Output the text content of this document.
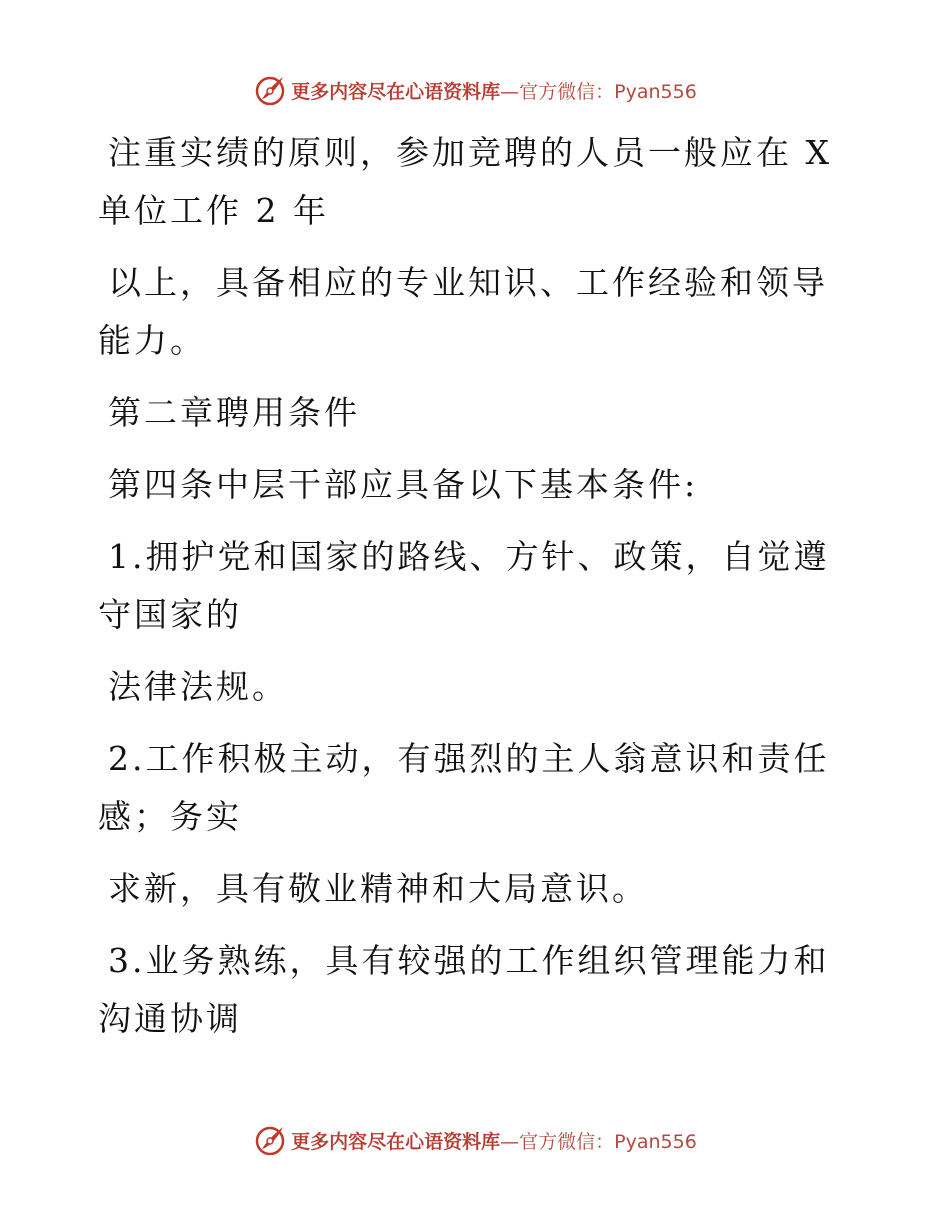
更多内容尽在心语资料库—官方微信：Pyan556

注重实绩的原则，参加竞聘的人员一般应在 X 单位工作 2 年

以上，具备相应的专业知识、工作经验和领导能力。

第二章聘用条件

第四条中层干部应具备以下基本条件:

1.拥护党和国家的路线、方针、政策，自觉遵守国家的

法律法规。

2.工作积极主动，有强烈的主人翁意识和责任感；务实

求新，具有敬业精神和大局意识。

3.业务熟练，具有较强的工作组织管理能力和沟通协调

更多内容尽在心语资料库—官方微信：Pyan556
